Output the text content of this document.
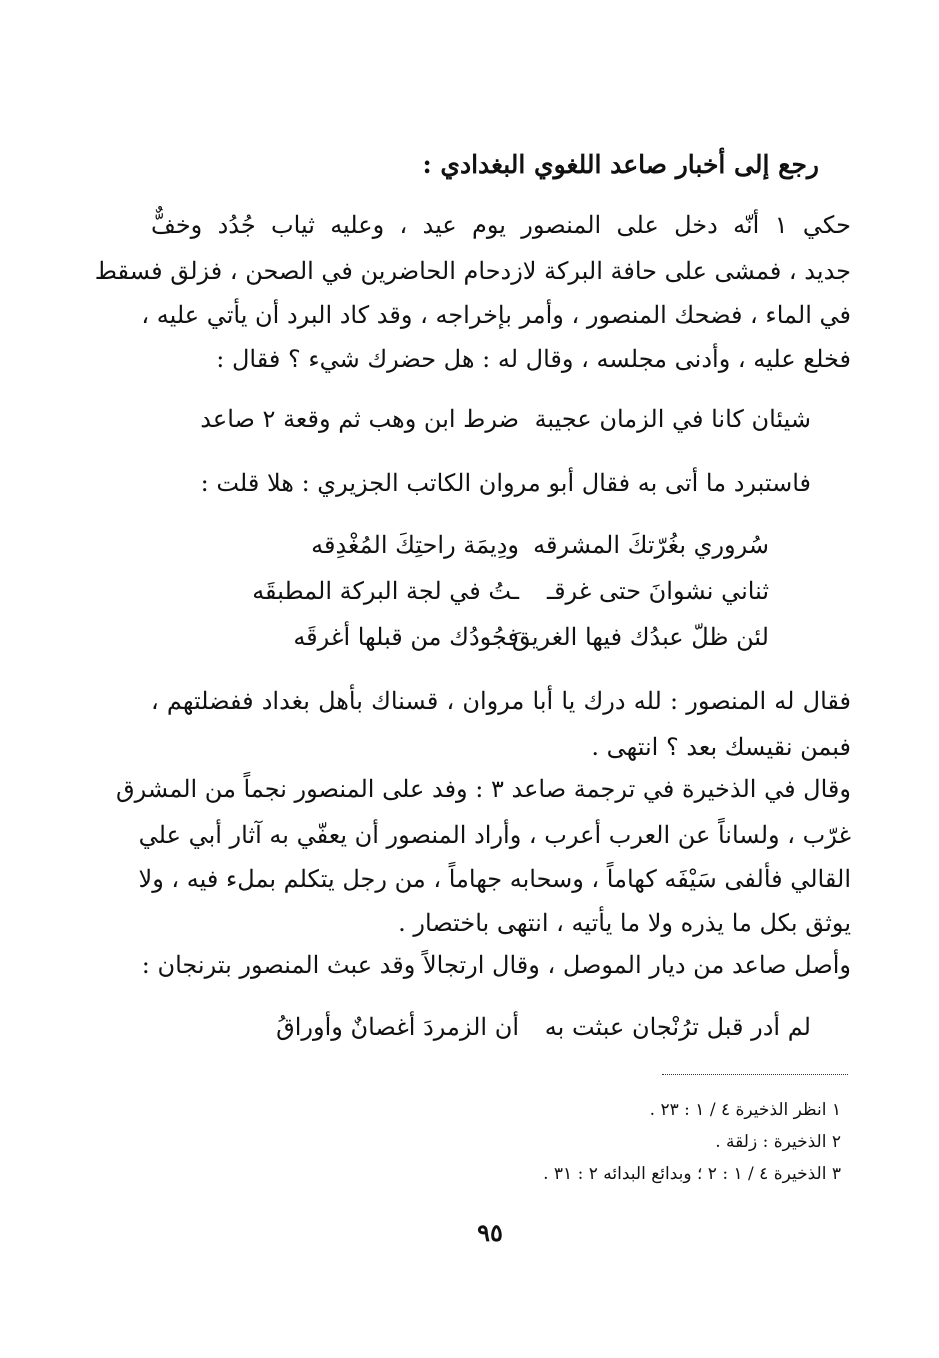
رجع إلى أخبار صاعد اللغوي البغدادي :
حكي ١ أنّه دخل على المنصور يوم عيد ، وعليه ثياب جُدُد وخفٌّ
جديد ، فمشى على حافة البركة لازدحام الحاضرين في الصحن ، فزلق فسقط
في الماء ، فضحك المنصور ، وأمر بإخراجه ، وقد كاد البرد أن يأتي عليه ،
فخلع عليه ، وأدنى مجلسه ، وقال له : هل حضرك شيء ؟ فقال :
شيئان كانا في الزمان عجيبة
ضرط ابن وهب ثم وقعة ٢ صاعد
فاستبرد ما أتى به فقال أبو مروان الكاتب الجزيري : هلا قلت :
سُروري بغُرّتكَ المشرقه
ودِيمَة راحتِكَ المُغْدِقه
ثناني نشوانَ حتى غرقـ
ـتُ في لجة البركة المطبقَه
لئن ظلّ عبدُك فيها الغريقَ
فجُودُك من قبلها أغرقَه
فقال له المنصور : لله درك يا أبا مروان ، قسناك بأهل بغداد ففضلتهم ،
فبمن نقيسك بعد ؟ انتهى .
وقال في الذخيرة في ترجمة صاعد ٣ : وفد على المنصور نجماً من المشرق
غرّب ، ولساناً عن العرب أعرب ، وأراد المنصور أن يعفّي به آثار أبي علي
القالي فألفى سَيْفَه كهاماً ، وسحابه جهاماً ، من رجل يتكلم بملء فيه ، ولا
يوثق بكل ما يذره ولا ما يأتيه ، انتهى باختصار .
وأصل صاعد من ديار الموصل ، وقال ارتجالاً وقد عبث المنصور بترنجان :
لم أدر قبل ترُنْجان عبثت به
أن الزمردَ أغصانٌ وأوراقُ
١ انظر الذخيرة ٤ / ١ : ٢٣ .
٢ الذخيرة : زلقة .
٣ الذخيرة ٤ / ١ : ٢ ؛ وبدائع البدائه ٢ : ٣١ .
٩٥
